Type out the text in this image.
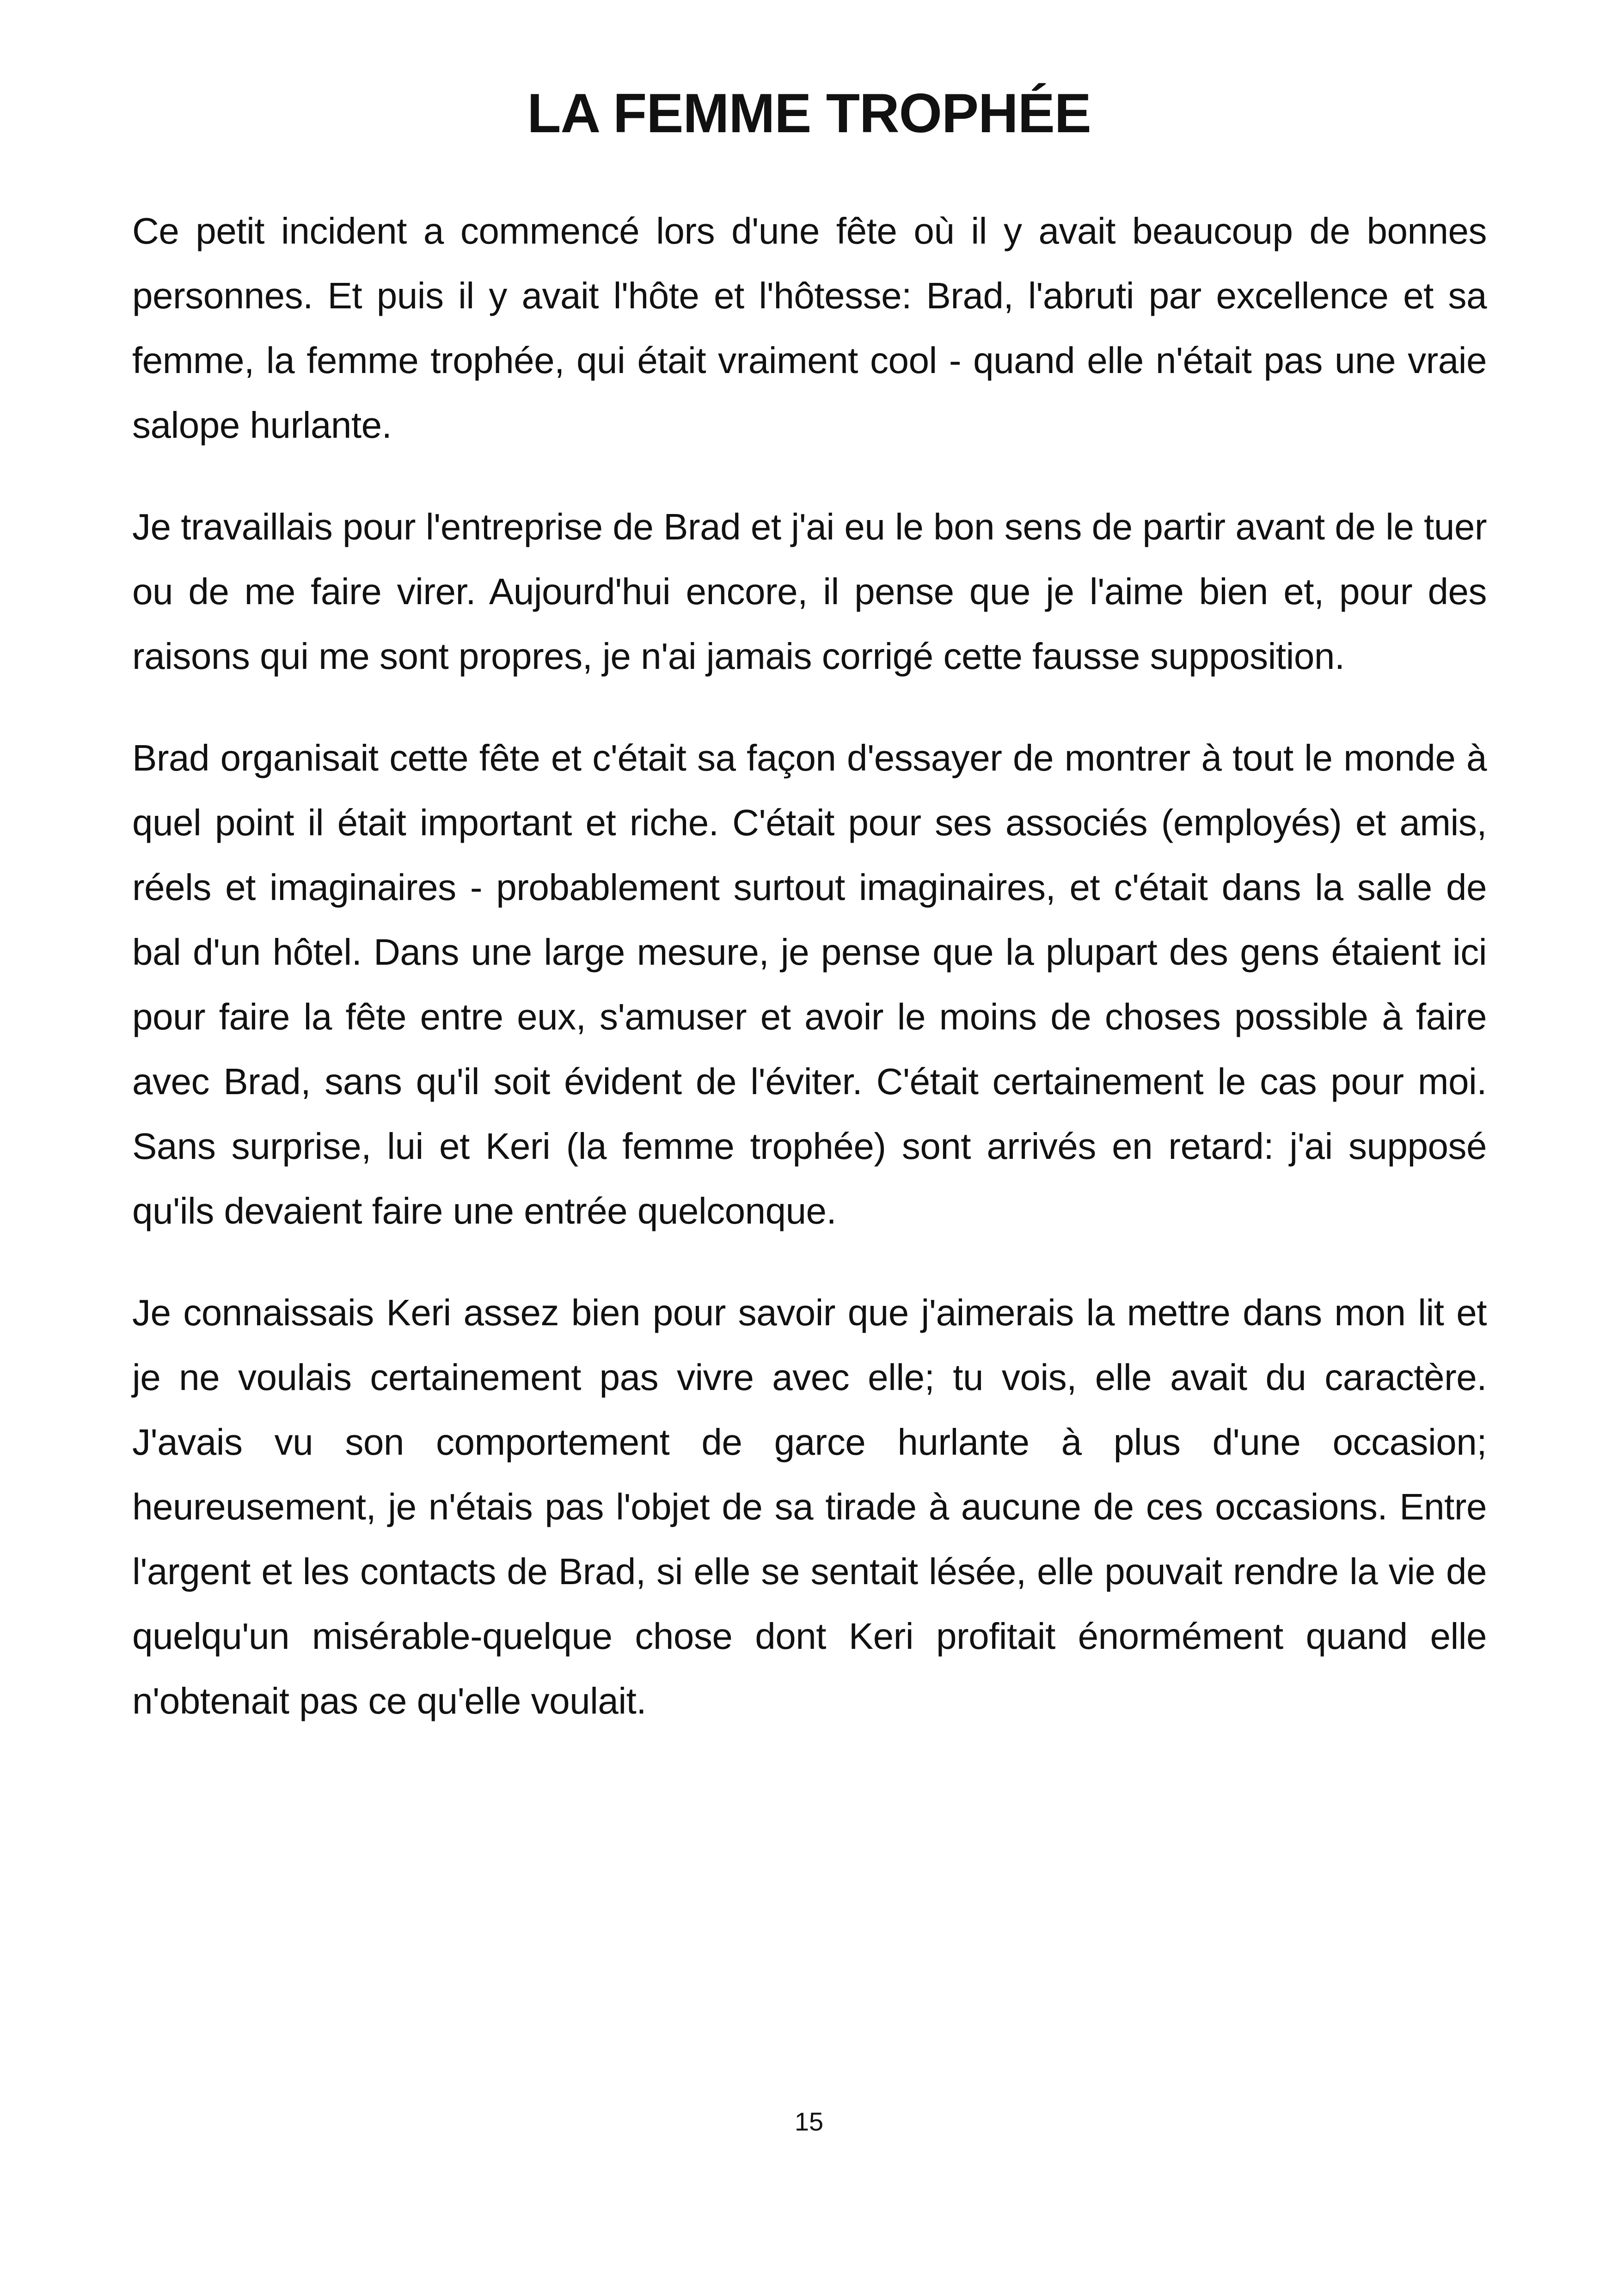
LA FEMME TROPHÉE

Ce petit incident a commencé lors d'une fête où il y avait beaucoup de bonnes personnes. Et puis il y avait l'hôte et l'hôtesse: Brad, l'abruti par excellence et sa femme, la femme trophée, qui était vraiment cool - quand elle n'était pas une vraie salope hurlante.

Je travaillais pour l'entreprise de Brad et j'ai eu le bon sens de partir avant de le tuer ou de me faire virer. Aujourd'hui encore, il pense que je l'aime bien et, pour des raisons qui me sont propres, je n'ai jamais corrigé cette fausse supposition.

Brad organisait cette fête et c'était sa façon d'essayer de montrer à tout le monde à quel point il était important et riche. C'était pour ses associés (employés) et amis, réels et imaginaires - probablement surtout imaginaires, et c'était dans la salle de bal d'un hôtel. Dans une large mesure, je pense que la plupart des gens étaient ici pour faire la fête entre eux, s'amuser et avoir le moins de choses possible à faire avec Brad, sans qu'il soit évident de l'éviter. C'était certainement le cas pour moi. Sans surprise, lui et Keri (la femme trophée) sont arrivés en retard: j'ai supposé qu'ils devaient faire une entrée quelconque.

Je connaissais Keri assez bien pour savoir que j'aimerais la mettre dans mon lit et je ne voulais certainement pas vivre avec elle; tu vois, elle avait du caractère. J'avais vu son comportement de garce hurlante à plus d'une occasion; heureusement, je n'étais pas l'objet de sa tirade à aucune de ces occasions. Entre l'argent et les contacts de Brad, si elle se sentait lésée, elle pouvait rendre la vie de quelqu'un misérable-quelque chose dont Keri profitait énormément quand elle n'obtenait pas ce qu'elle voulait.

15
